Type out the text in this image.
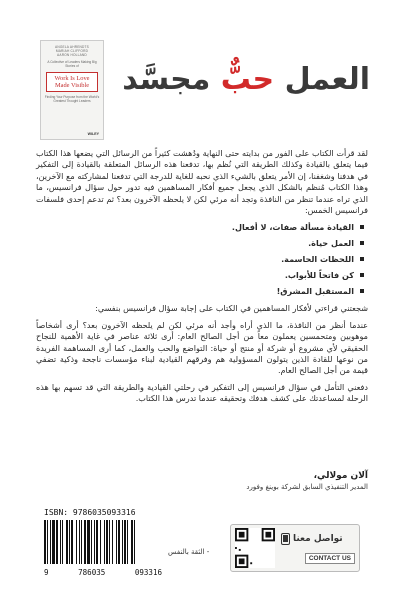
ANGELA AHRENDTS
MARIAH CLIFFORD
AARON HOLLAND
A Collective of Leaders Making Big Stories of
Work Is Love Made Visible
Finding Your Purpose from the World's Greatest Thought Leaders
WILEY
العمل حبٌّ مجسَّد

لقد قرأت الكتاب على الفور من بدايته حتى النهاية ودُهشت كثيراً من الرسائل التي يضعها هذا الكتاب فيما يتعلق بالقيادة وكذلك الطريقة التي نُظم بها، تدفعنا هذه الرسائل المتعلقة بالقيادة إلى التفكير في هدفنا وشغفنا، إن الأمر يتعلق بالشيء الذي نحبه للغاية للدرجة التي تدفعنا لمشاركته مع الآخرين، وهذا الكتاب مُنظم بالشكل الذي يجعل جميع أفكار المساهمين فيه تدور حول سؤال فرانسيس، ما الذي تراه عندما تنظر من النافذة وتجد أنه مرئي لكن لا يلحظه الآخرون بعد؟ ثم تدعم إحدى فلسفات فرانسيس الخمس:

القيادة مسألة صفات، لا أفعال.
العمل حياة.
اللحظات الحاسمة.
كن فاتحاً للأبواب.
المستقبل المشرق!

شجعتني قراءتي لأفكار المساهمين في الكتاب على إجابة سؤال فرانسيس بنفسي:

عندما أنظر من النافذة، ما الذي أراه وأجد أنه مرئي لكن لم يلحظه الآخرون بعد؟ أرى أشخاصاً موهوبين ومتحمسين يعملون معاً من أجل الصالح العام: أرى ثلاثة عناصر في غاية الأهمية للنجاح الحقيقي لأي مشروع أو شركة أو منتج أو حياة: التواضع والحب والعمل، كما أرى المساهمة الفريدة من نوعها للقادة الذين يتولون المسؤولية هم وفرقهم القيادية لبناء مؤسسات ناجحة وذكية تضفي قيمة من أجل الصالح العام.

دفعني التأمل في سؤال فرانسيس إلى التفكير في رحلتي القيادية والطريقة التي قد تسهم بها هذه الرحلة لمساعدتك على كشف هدفك وتحقيقه عندما تدرس هذا الكتاب.

آلان مولالي،
المدير التنفيذي السابق لشركة بوينغ وفورد
ISBN: 9786035093316
9	786035	093316
- الثقة بالنفس
تواصل معنا
CONTACT US
